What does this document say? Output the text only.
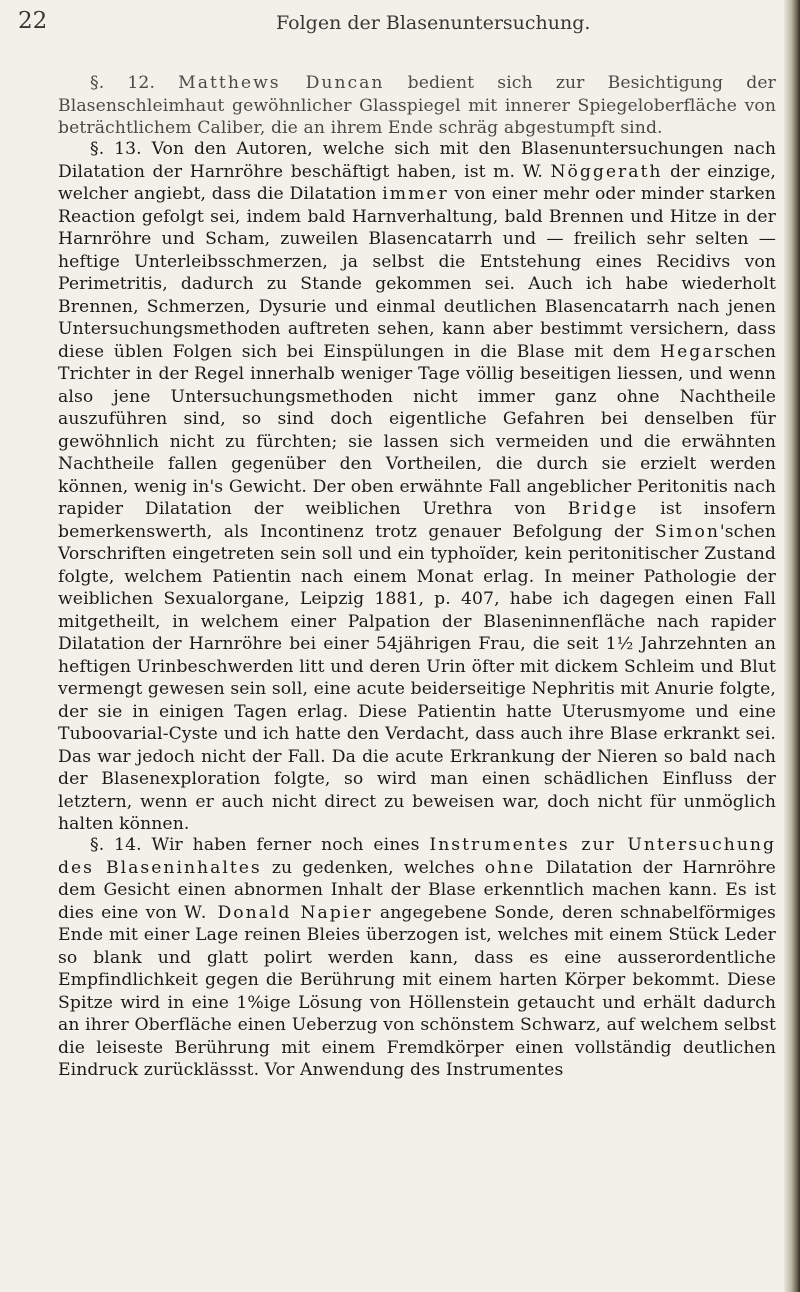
22	Folgen der Blasenuntersuchung.

§. 12. Matthews Duncan bedient sich zur Besichtigung der Blasenschleimhaut gewöhnlicher Glasspiegel mit innerer Spiegeloberfläche von beträchtlichem Caliber, die an ihrem Ende schräg abgestumpft sind.

§. 13. Von den Autoren, welche sich mit den Blasenuntersuchungen nach Dilatation der Harnröhre beschäftigt haben, ist m. W. Nöggerath der einzige, welcher angiebt, dass die Dilatation immer von einer mehr oder minder starken Reaction gefolgt sei, indem bald Harnverhaltung, bald Brennen und Hitze in der Harnröhre und Scham, zuweilen Blasencatarrh und — freilich sehr selten — heftige Unterleibsschmerzen, ja selbst die Entstehung eines Recidivs von Perimetritis, dadurch zu Stande gekommen sei. Auch ich habe wiederholt Brennen, Schmerzen, Dysurie und einmal deutlichen Blasencatarrh nach jenen Untersuchungsmethoden auftreten sehen, kann aber bestimmt versichern, dass diese üblen Folgen sich bei Einspülungen in die Blase mit dem Hegarschen Trichter in der Regel innerhalb weniger Tage völlig beseitigen liessen, und wenn also jene Untersuchungsmethoden nicht immer ganz ohne Nachtheile auszuführen sind, so sind doch eigentliche Gefahren bei denselben für gewöhnlich nicht zu fürchten; sie lassen sich vermeiden und die erwähnten Nachtheile fallen gegenüber den Vortheilen, die durch sie erzielt werden können, wenig in's Gewicht. Der oben erwähnte Fall angeblicher Peritonitis nach rapider Dilatation der weiblichen Urethra von Bridge ist insofern bemerkenswerth, als Incontinenz trotz genauer Befolgung der Simon'schen Vorschriften eingetreten sein soll und ein typhoïder, kein peritonitischer Zustand folgte, welchem Patientin nach einem Monat erlag. In meiner Pathologie der weiblichen Sexualorgane, Leipzig 1881, p. 407, habe ich dagegen einen Fall mitgetheilt, in welchem einer Palpation der Blaseninnenfläche nach rapider Dilatation der Harnröhre bei einer 54jährigen Frau, die seit 1½ Jahrzehnten an heftigen Urinbeschwerden litt und deren Urin öfter mit dickem Schleim und Blut vermengt gewesen sein soll, eine acute beiderseitige Nephritis mit Anurie folgte, der sie in einigen Tagen erlag. Diese Patientin hatte Uterusmyome und eine Tuboovarial-Cyste und ich hatte den Verdacht, dass auch ihre Blase erkrankt sei. Das war jedoch nicht der Fall. Da die acute Erkrankung der Nieren so bald nach der Blasenexploration folgte, so wird man einen schädlichen Einfluss der letztern, wenn er auch nicht direct zu beweisen war, doch nicht für unmöglich halten können.

§. 14. Wir haben ferner noch eines Instrumentes zur Untersuchung des Blaseninhaltes zu gedenken, welches ohne Dilatation der Harnröhre dem Gesicht einen abnormen Inhalt der Blase erkenntlich machen kann. Es ist dies eine von W. Donald Napier angegebene Sonde, deren schnabelförmiges Ende mit einer Lage reinen Bleies überzogen ist, welches mit einem Stück Leder so blank und glatt polirt werden kann, dass es eine ausserordentliche Empfindlichkeit gegen die Berührung mit einem harten Körper bekommt. Diese Spitze wird in eine 1%ige Lösung von Höllenstein getaucht und erhält dadurch an ihrer Oberfläche einen Ueberzug von schönstem Schwarz, auf welchem selbst die leiseste Berührung mit einem Fremdkörper einen vollständig deutlichen Eindruck zurücklässst. Vor Anwendung des Instrumentes
